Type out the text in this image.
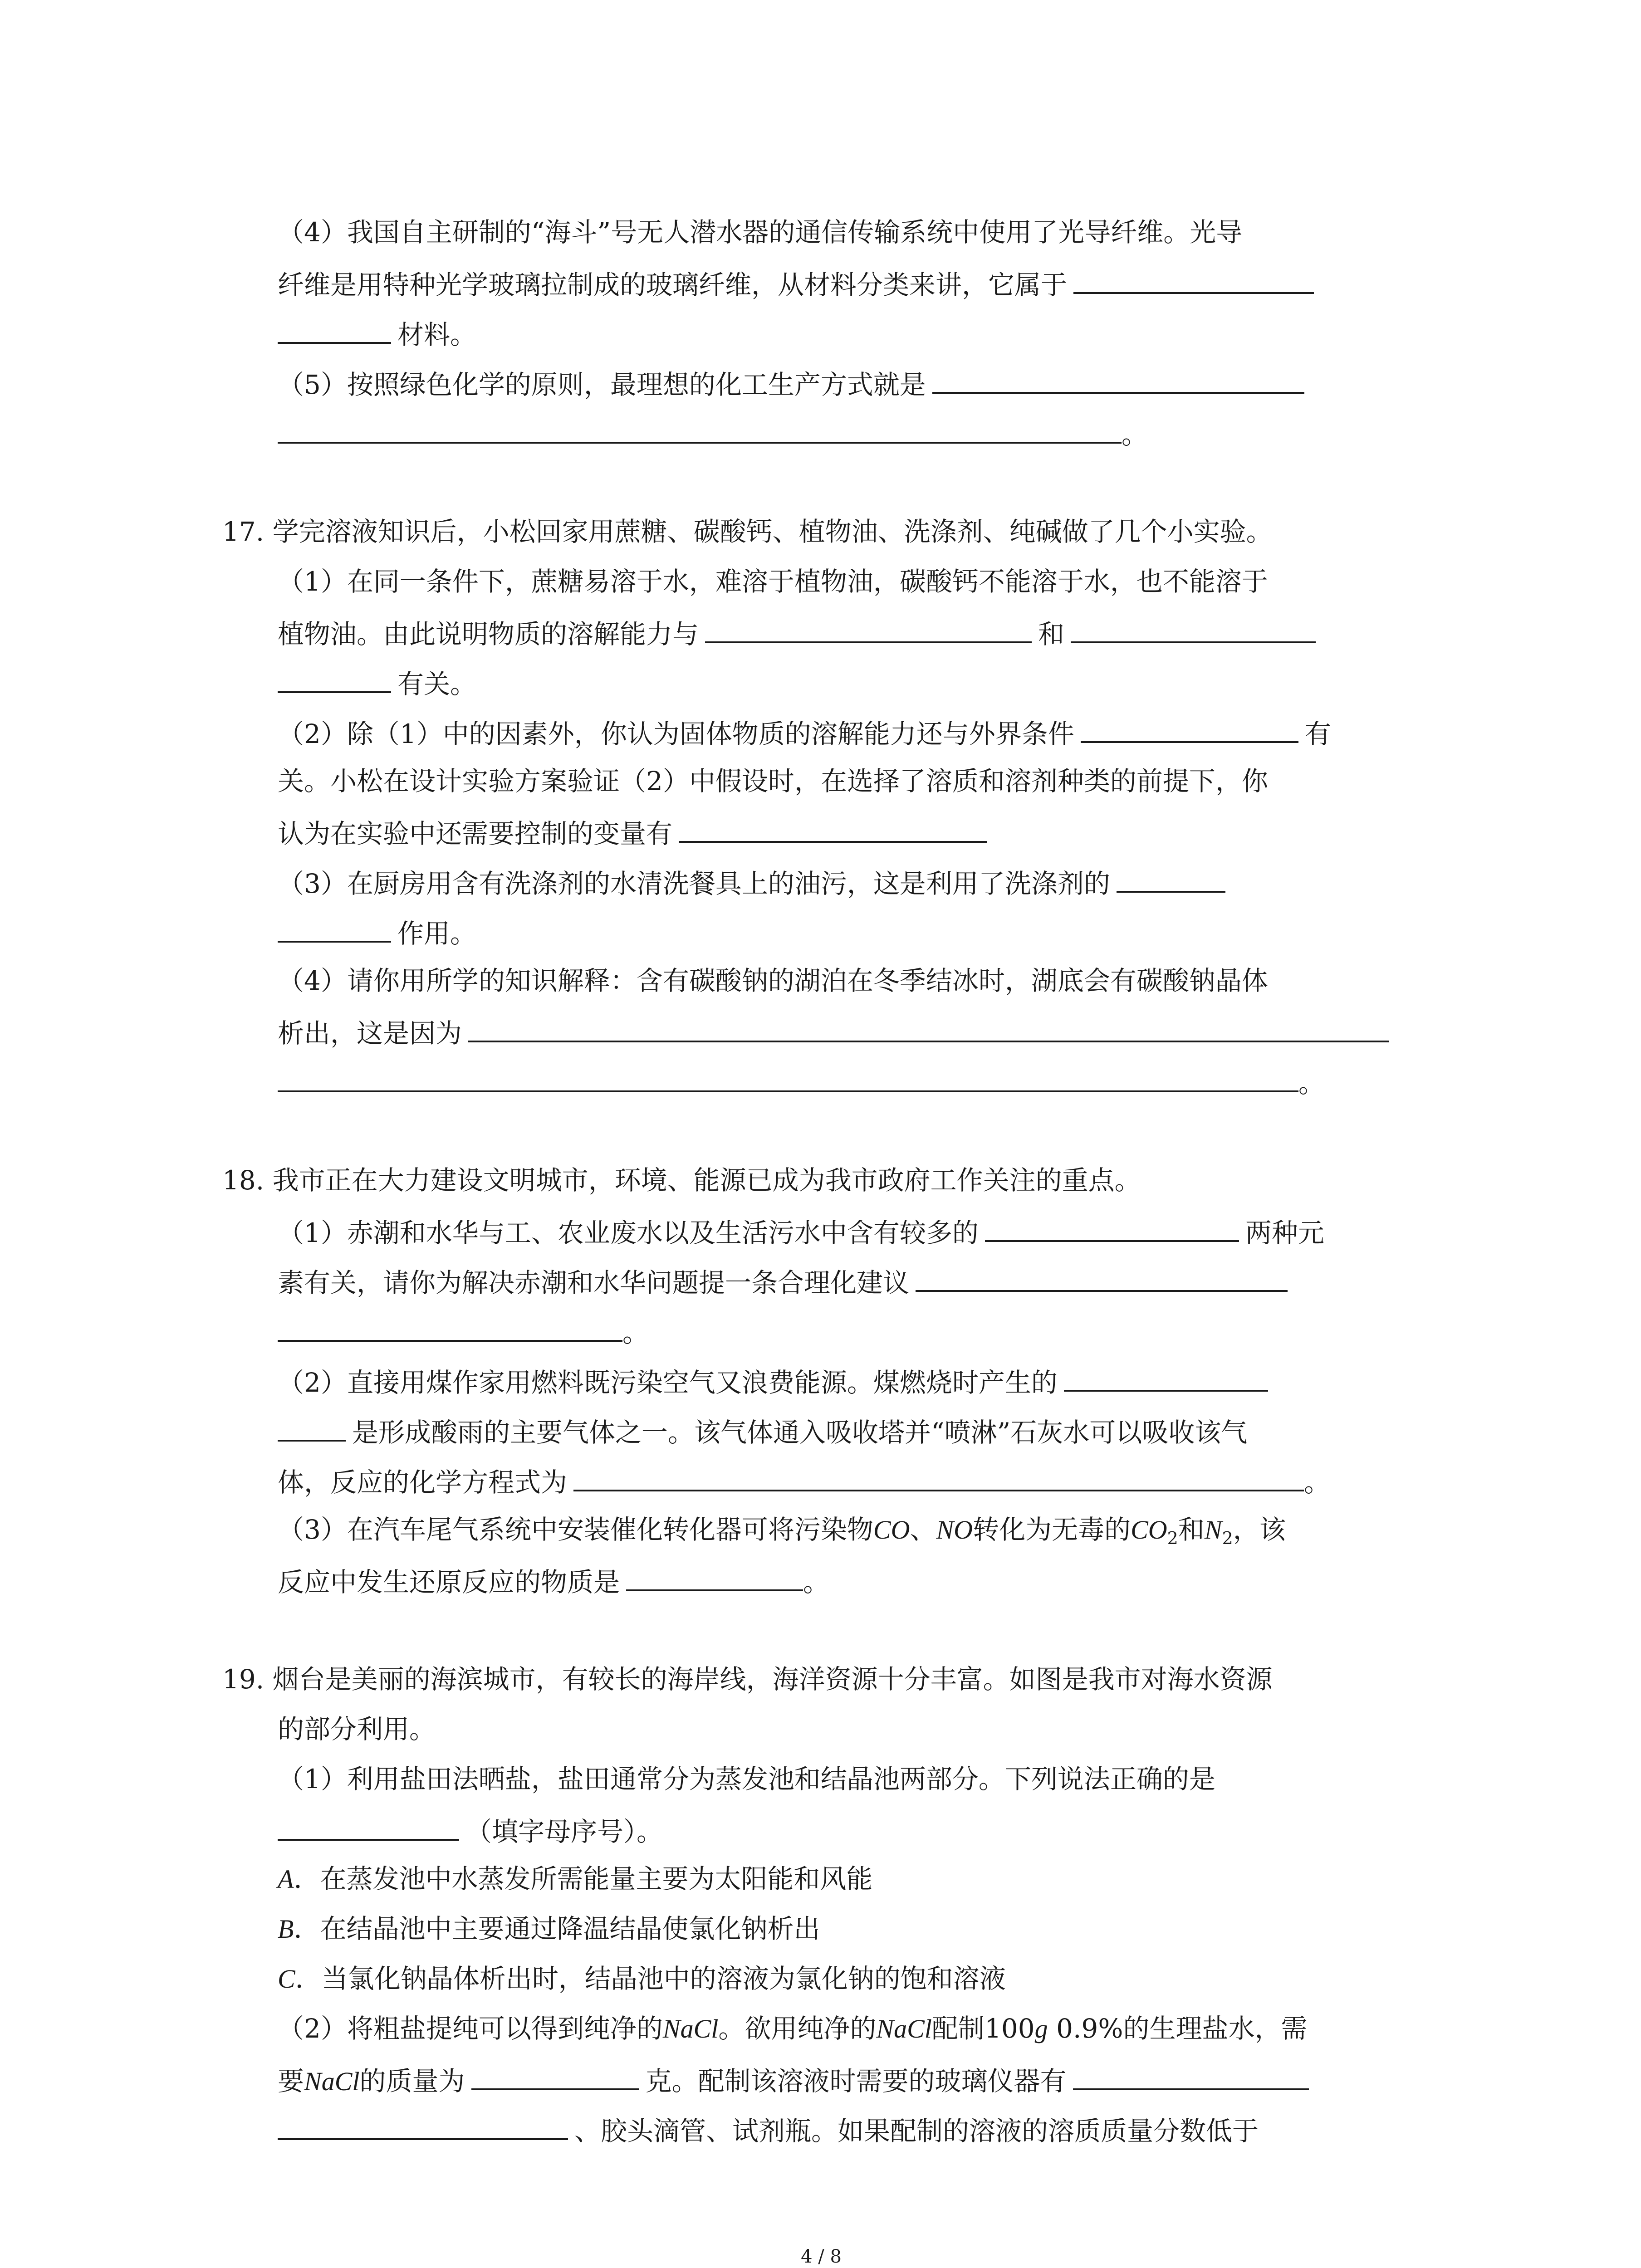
（4）我国自主研制的“海斗”号无人潜水器的通信传输系统中使用了光导纤维。光导
纤维是用特种光学玻璃拉制成的玻璃纤维，从材料分类来讲，它属于
材料。
（5）按照绿色化学的原则，最理想的化工生产方式就是
。
17. 学完溶液知识后，小松回家用蔗糖、碳酸钙、植物油、洗涤剂、纯碱做了几个小实验。
（1）在同一条件下，蔗糖易溶于水，难溶于植物油，碳酸钙不能溶于水，也不能溶于
植物油。由此说明物质的溶解能力与	和
有关。
（2）除（1）中的因素外，你认为固体物质的溶解能力还与外界条件	有
关。小松在设计实验方案验证（2）中假设时，在选择了溶质和溶剂种类的前提下，你
认为在实验中还需要控制的变量有
（3）在厨房用含有洗涤剂的水清洗餐具上的油污，这是利用了洗涤剂的
作用。
（4）请你用所学的知识解释：含有碳酸钠的湖泊在冬季结冰时，湖底会有碳酸钠晶体
析出，这是因为
。
18. 我市正在大力建设文明城市，环境、能源已成为我市政府工作关注的重点。
（1）赤潮和水华与工、农业废水以及生活污水中含有较多的	两种元
素有关，请你为解决赤潮和水华问题提一条合理化建议
。
（2）直接用煤作家用燃料既污染空气又浪费能源。煤燃烧时产生的
是形成酸雨的主要气体之一。该气体通入吸收塔并“喷淋”石灰水可以吸收该气
体，反应的化学方程式为	。
（3）在汽车尾气系统中安装催化转化器可将污染物CO、NO转化为无毒的$CO_2$和$N_2$，该
反应中发生还原反应的物质是	。
19. 烟台是美丽的海滨城市，有较长的海岸线，海洋资源十分丰富。如图是我市对海水资源
的部分利用。
（1）利用盐田法晒盐，盐田通常分为蒸发池和结晶池两部分。下列说法正确的是
（填字母序号）。
A．在蒸发池中水蒸发所需能量主要为太阳能和风能
B．在结晶池中主要通过降温结晶使氯化钠析出
C．当氯化钠晶体析出时，结晶池中的溶液为氯化钠的饱和溶液
（2）将粗盐提纯可以得到纯净的NaCl。欲用纯净的NaCl配制100g 0.9%的生理盐水，需
要NaCl的质量为	克。配制该溶液时需要的玻璃仪器有
、胶头滴管、试剂瓶。如果配制的溶液的溶质质量分数低于
4 / 8
